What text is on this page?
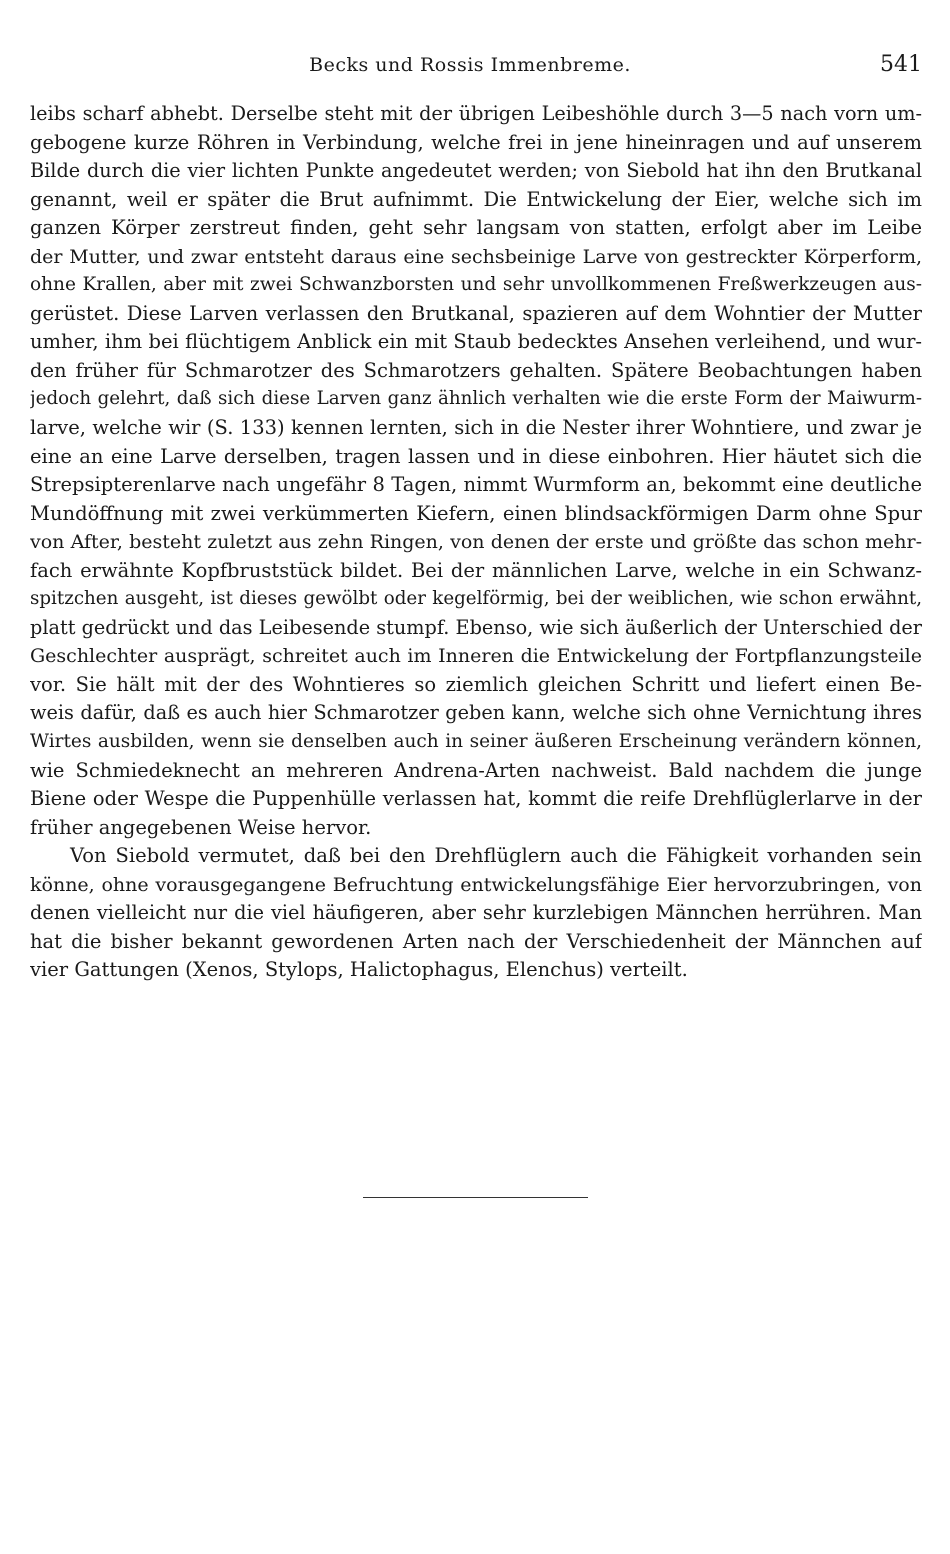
Becks und Rossis Immenbreme.	541
leibs scharf abhebt. Derselbe steht mit der übrigen Leibeshöhle durch 3—5 nach vorn um-
gebogene kurze Röhren in Verbindung, welche frei in jene hineinragen und auf unserem
Bilde durch die vier lichten Punkte angedeutet werden; von Siebold hat ihn den Brutkanal
genannt, weil er später die Brut aufnimmt. Die Entwickelung der Eier, welche sich im
ganzen Körper zerstreut finden, geht sehr langsam von statten, erfolgt aber im Leibe
der Mutter, und zwar entsteht daraus eine sechsbeinige Larve von gestreckter Körperform,
ohne Krallen, aber mit zwei Schwanzborsten und sehr unvollkommenen Freßwerkzeugen aus-
gerüstet. Diese Larven verlassen den Brutkanal, spazieren auf dem Wohntier der Mutter
umher, ihm bei flüchtigem Anblick ein mit Staub bedecktes Ansehen verleihend, und wur-
den früher für Schmarotzer des Schmarotzers gehalten. Spätere Beobachtungen haben
jedoch gelehrt, daß sich diese Larven ganz ähnlich verhalten wie die erste Form der Maiwurm-
larve, welche wir (S. 133) kennen lernten, sich in die Nester ihrer Wohntiere, und zwar je
eine an eine Larve derselben, tragen lassen und in diese einbohren. Hier häutet sich die
Strepsipterenlarve nach ungefähr 8 Tagen, nimmt Wurmform an, bekommt eine deutliche
Mundöffnung mit zwei verkümmerten Kiefern, einen blindsackförmigen Darm ohne Spur
von After, besteht zuletzt aus zehn Ringen, von denen der erste und größte das schon mehr-
fach erwähnte Kopfbruststück bildet. Bei der männlichen Larve, welche in ein Schwanz-
spitzchen ausgeht, ist dieses gewölbt oder kegelförmig, bei der weiblichen, wie schon erwähnt,
platt gedrückt und das Leibesende stumpf. Ebenso, wie sich äußerlich der Unterschied der
Geschlechter ausprägt, schreitet auch im Inneren die Entwickelung der Fortpflanzungsteile
vor. Sie hält mit der des Wohntieres so ziemlich gleichen Schritt und liefert einen Be-
weis dafür, daß es auch hier Schmarotzer geben kann, welche sich ohne Vernichtung ihres
Wirtes ausbilden, wenn sie denselben auch in seiner äußeren Erscheinung verändern können,
wie Schmiedeknecht an mehreren Andrena-Arten nachweist. Bald nachdem die junge
Biene oder Wespe die Puppenhülle verlassen hat, kommt die reife Drehflüglerlarve in der
früher angegebenen Weise hervor.
Von Siebold vermutet, daß bei den Drehflüglern auch die Fähigkeit vorhanden sein
könne, ohne vorausgegangene Befruchtung entwickelungsfähige Eier hervorzubringen, von
denen vielleicht nur die viel häufigeren, aber sehr kurzlebigen Männchen herrühren. Man
hat die bisher bekannt gewordenen Arten nach der Verschiedenheit der Männchen auf
vier Gattungen (Xenos, Stylops, Halictophagus, Elenchus) verteilt.
